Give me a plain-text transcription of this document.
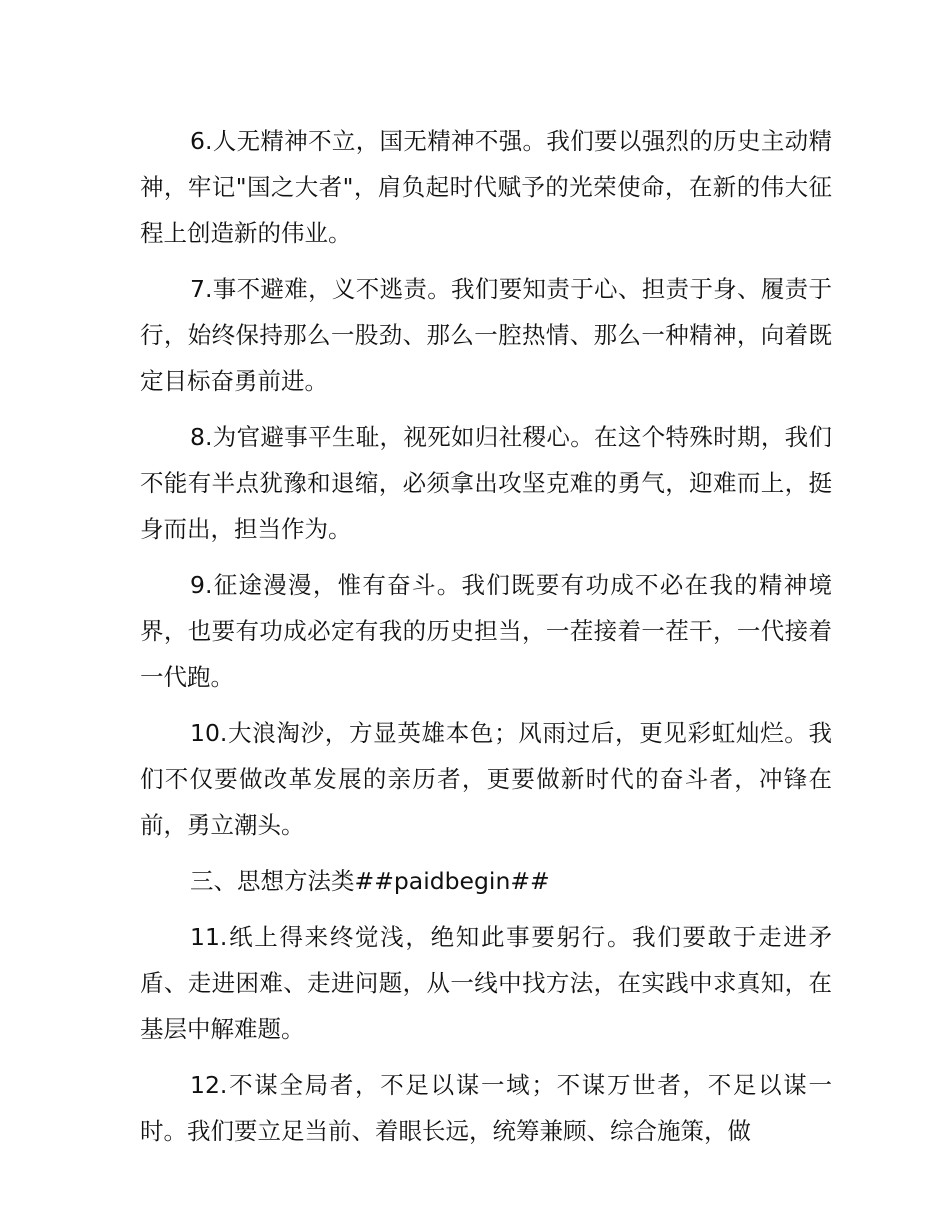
6.人无精神不立，国无精神不强。我们要以强烈的历史主动精神，牢记"国之大者"，肩负起时代赋予的光荣使命，在新的伟大征程上创造新的伟业。

7.事不避难，义不逃责。我们要知责于心、担责于身、履责于行，始终保持那么一股劲、那么一腔热情、那么一种精神，向着既定目标奋勇前进。

8.为官避事平生耻，视死如归社稷心。在这个特殊时期，我们不能有半点犹豫和退缩，必须拿出攻坚克难的勇气，迎难而上，挺身而出，担当作为。

9.征途漫漫，惟有奋斗。我们既要有功成不必在我的精神境界，也要有功成必定有我的历史担当，一茬接着一茬干，一代接着一代跑。

10.大浪淘沙，方显英雄本色；风雨过后，更见彩虹灿烂。我们不仅要做改革发展的亲历者，更要做新时代的奋斗者，冲锋在前，勇立潮头。

三、思想方法类##paidbegin##

11.纸上得来终觉浅，绝知此事要躬行。我们要敢于走进矛盾、走进困难、走进问题，从一线中找方法，在实践中求真知，在基层中解难题。

12.不谋全局者，不足以谋一域；不谋万世者，不足以谋一时。我们要立足当前、着眼长远，统筹兼顾、综合施策，做
